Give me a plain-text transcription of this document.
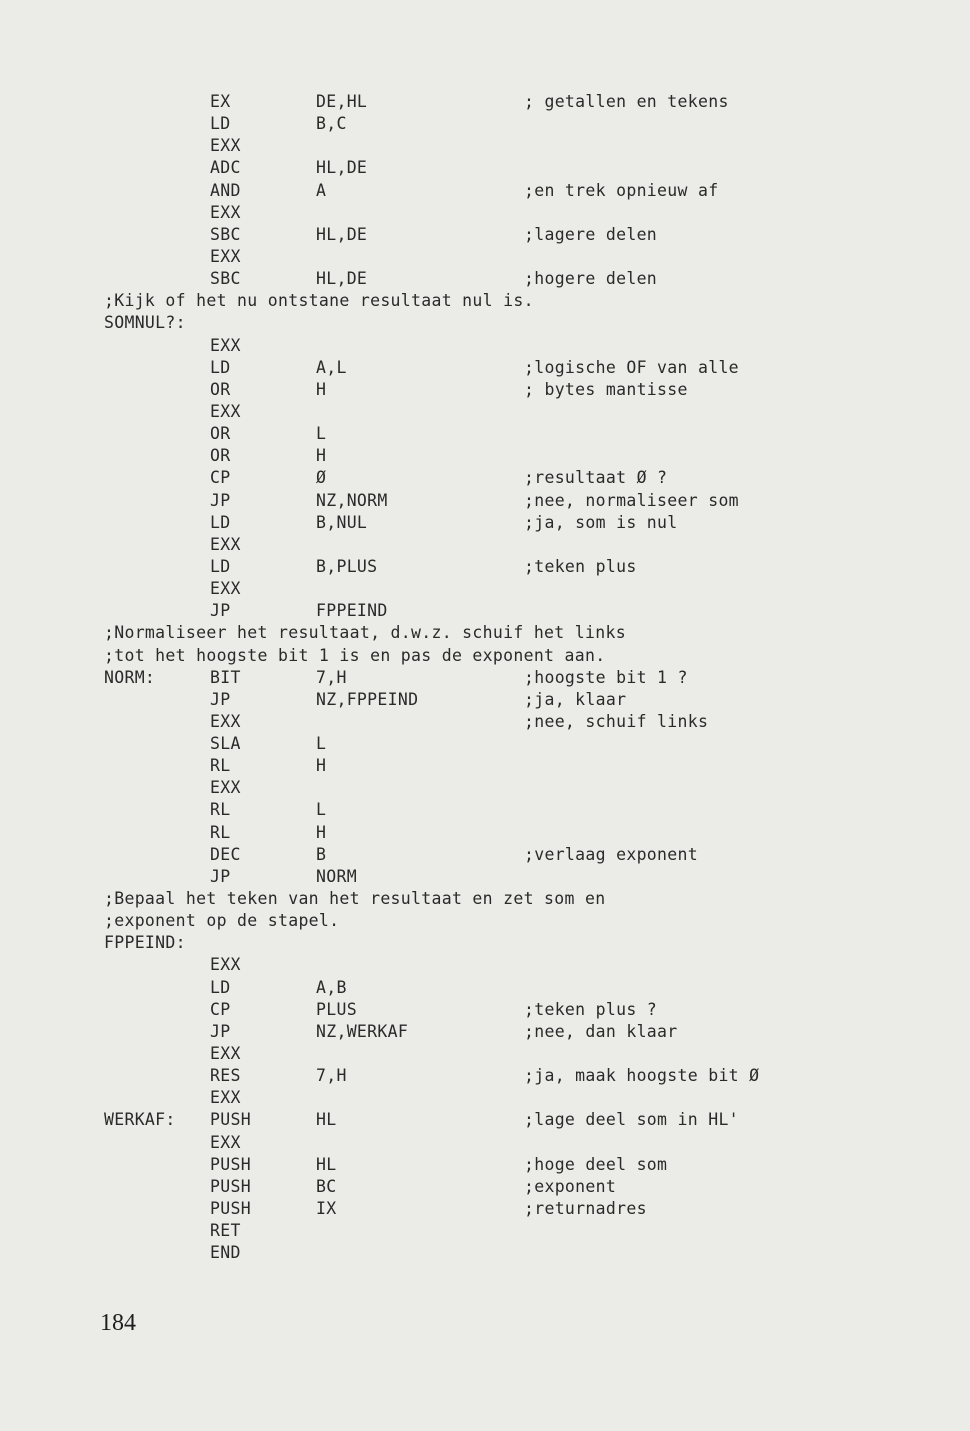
EX	DE,HL	; getallen en tekens
LD	B,C
EXX
ADC	HL,DE
AND	A	;en trek opnieuw af
EXX
SBC	HL,DE	;lagere delen
EXX
SBC	HL,DE	;hogere delen
;Kijk of het nu ontstane resultaat nul is.
SOMNUL?:
EXX
LD	A,L	;logische OF van alle
OR	H	; bytes mantisse
EXX
OR	L
OR	H
CP	Ø	;resultaat Ø ?
JP	NZ,NORM	;nee, normaliseer som
LD	B,NUL	;ja, som is nul
EXX
LD	B,PLUS	;teken plus
EXX
JP	FPPEIND
;Normaliseer het resultaat, d.w.z. schuif het links
;tot het hoogste bit 1 is en pas de exponent aan.
NORM:	BIT	7,H	;hoogste bit 1 ?
JP	NZ,FPPEIND	;ja, klaar
EXX	;nee, schuif links
SLA	L
RL	H
EXX
RL	L
RL	H
DEC	B	;verlaag exponent
JP	NORM
;Bepaal het teken van het resultaat en zet som en
;exponent op de stapel.
FPPEIND:
EXX
LD	A,B
CP	PLUS	;teken plus ?
JP	NZ,WERKAF	;nee, dan klaar
EXX
RES	7,H	;ja, maak hoogste bit Ø
EXX
WERKAF: PUSH	HL	;lage deel som in HL'
EXX
PUSH	HL	;hoge deel som
PUSH	BC	;exponent
PUSH	IX	;returnadres
RET
END
184
